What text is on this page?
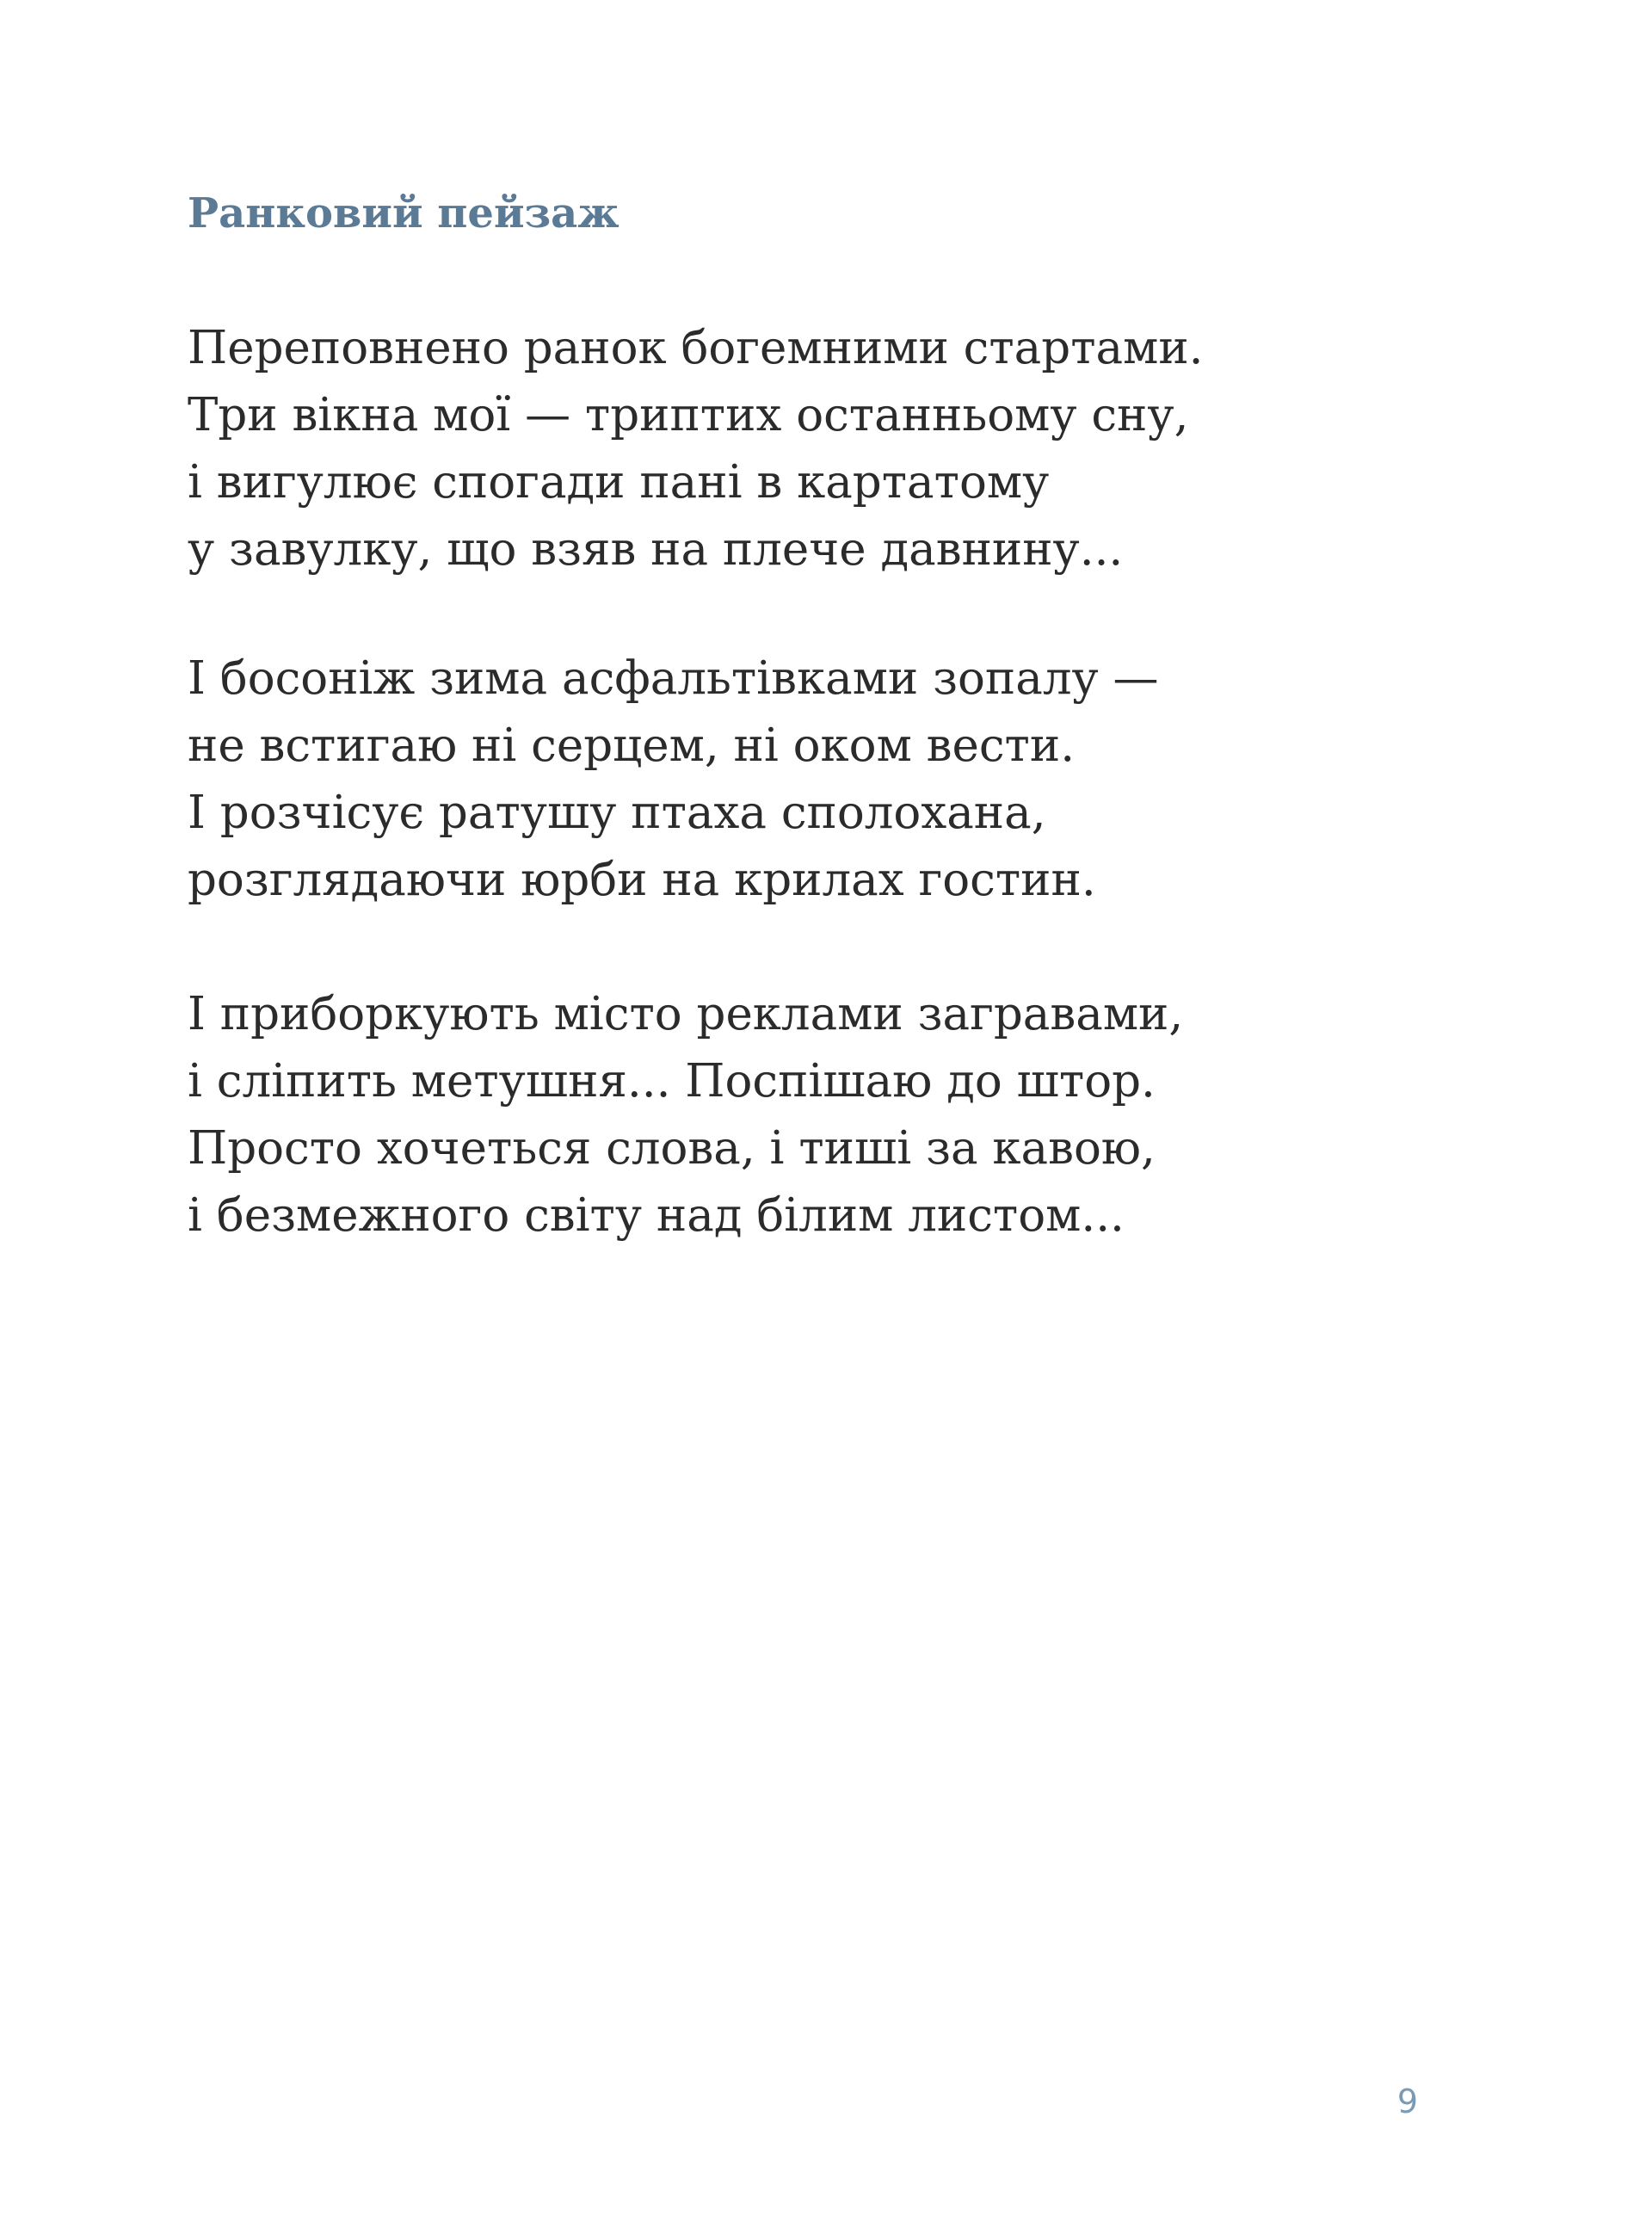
Ранковий пейзаж

Переповнено ранок богемними стартами.
Три вікна мої — триптих останньому сну,
і вигулює спогади пані в картатому
у завулку, що взяв на плече давнину...

І босоніж зима асфальтівками зопалу —
не встигаю ні серцем, ні оком вести.
І розчісує ратушу птаха сполохана,
розглядаючи юрби на крилах гостин.

І приборкують місто реклами загравами,
і сліпить метушня... Поспішаю до штор.
Просто хочеться слова, і тиші за кавою,
і безмежного світу над білим листом...

9
